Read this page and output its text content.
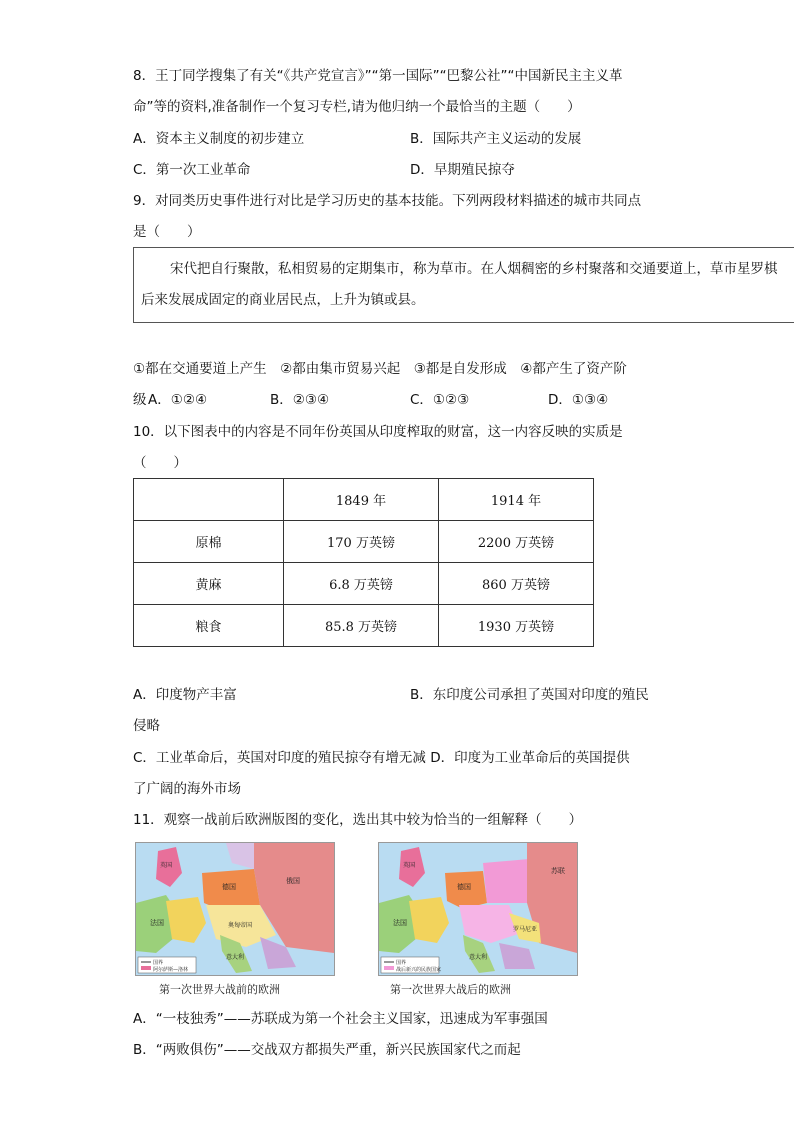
8．王丁同学搜集了有关“《共产党宣言》”“第一国际”“巴黎公社”“中国新民主主义革
命”等的资料,准备制作一个复习专栏,请为他归纳一个最恰当的主题（　　）
A．资本主义制度的初步建立	B．国际共产主义运动的发展
C．第一次工业革命	D．早期殖民掠夺
9．对同类历史事件进行对比是学习历史的基本技能。下列两段材料描述的城市共同点
是（　　）
宋代把自行聚散，私相贸易的定期集市，称为草市。在人烟稠密的乡村聚落和交通要道上，草市星罗棋
后来发展成固定的商业居民点，上升为镇或县。
①都在交通要道上产生　②都由集市贸易兴起　③都是自发形成　④都产生了资产阶
级 A．①②④	B．②③④	C．①②③	D．①③④
10．以下图表中的内容是不同年份英国从印度榨取的财富，这一内容反映的实质是
（　　）
	1849 年	1914 年
原棉	170 万英镑	2200 万英镑
黄麻	6.8 万英镑	860 万英镑
粮食	85.8 万英镑	1930 万英镑
A．印度物产丰富	B．东印度公司承担了英国对印度的殖民
侵略
C．工业革命后，英国对印度的殖民掠夺有增无减 D．印度为工业革命后的英国提供
了广阔的海外市场
11．观察一战前后欧洲版图的变化，选出其中较为恰当的一组解释（　　）
国界
阿尔萨斯—洛林
法国
俄国
德国
英国
奥匈帝国
意大利
第一次世界大战前的欧洲
国界
战后新兴的民族国家
苏联
法国
英国
德国
罗马尼亚
意大利
第一次世界大战后的欧洲
A．“一枝独秀”——苏联成为第一个社会主义国家，迅速成为军事强国
B．“两败俱伤”——交战双方都损失严重，新兴民族国家代之而起
